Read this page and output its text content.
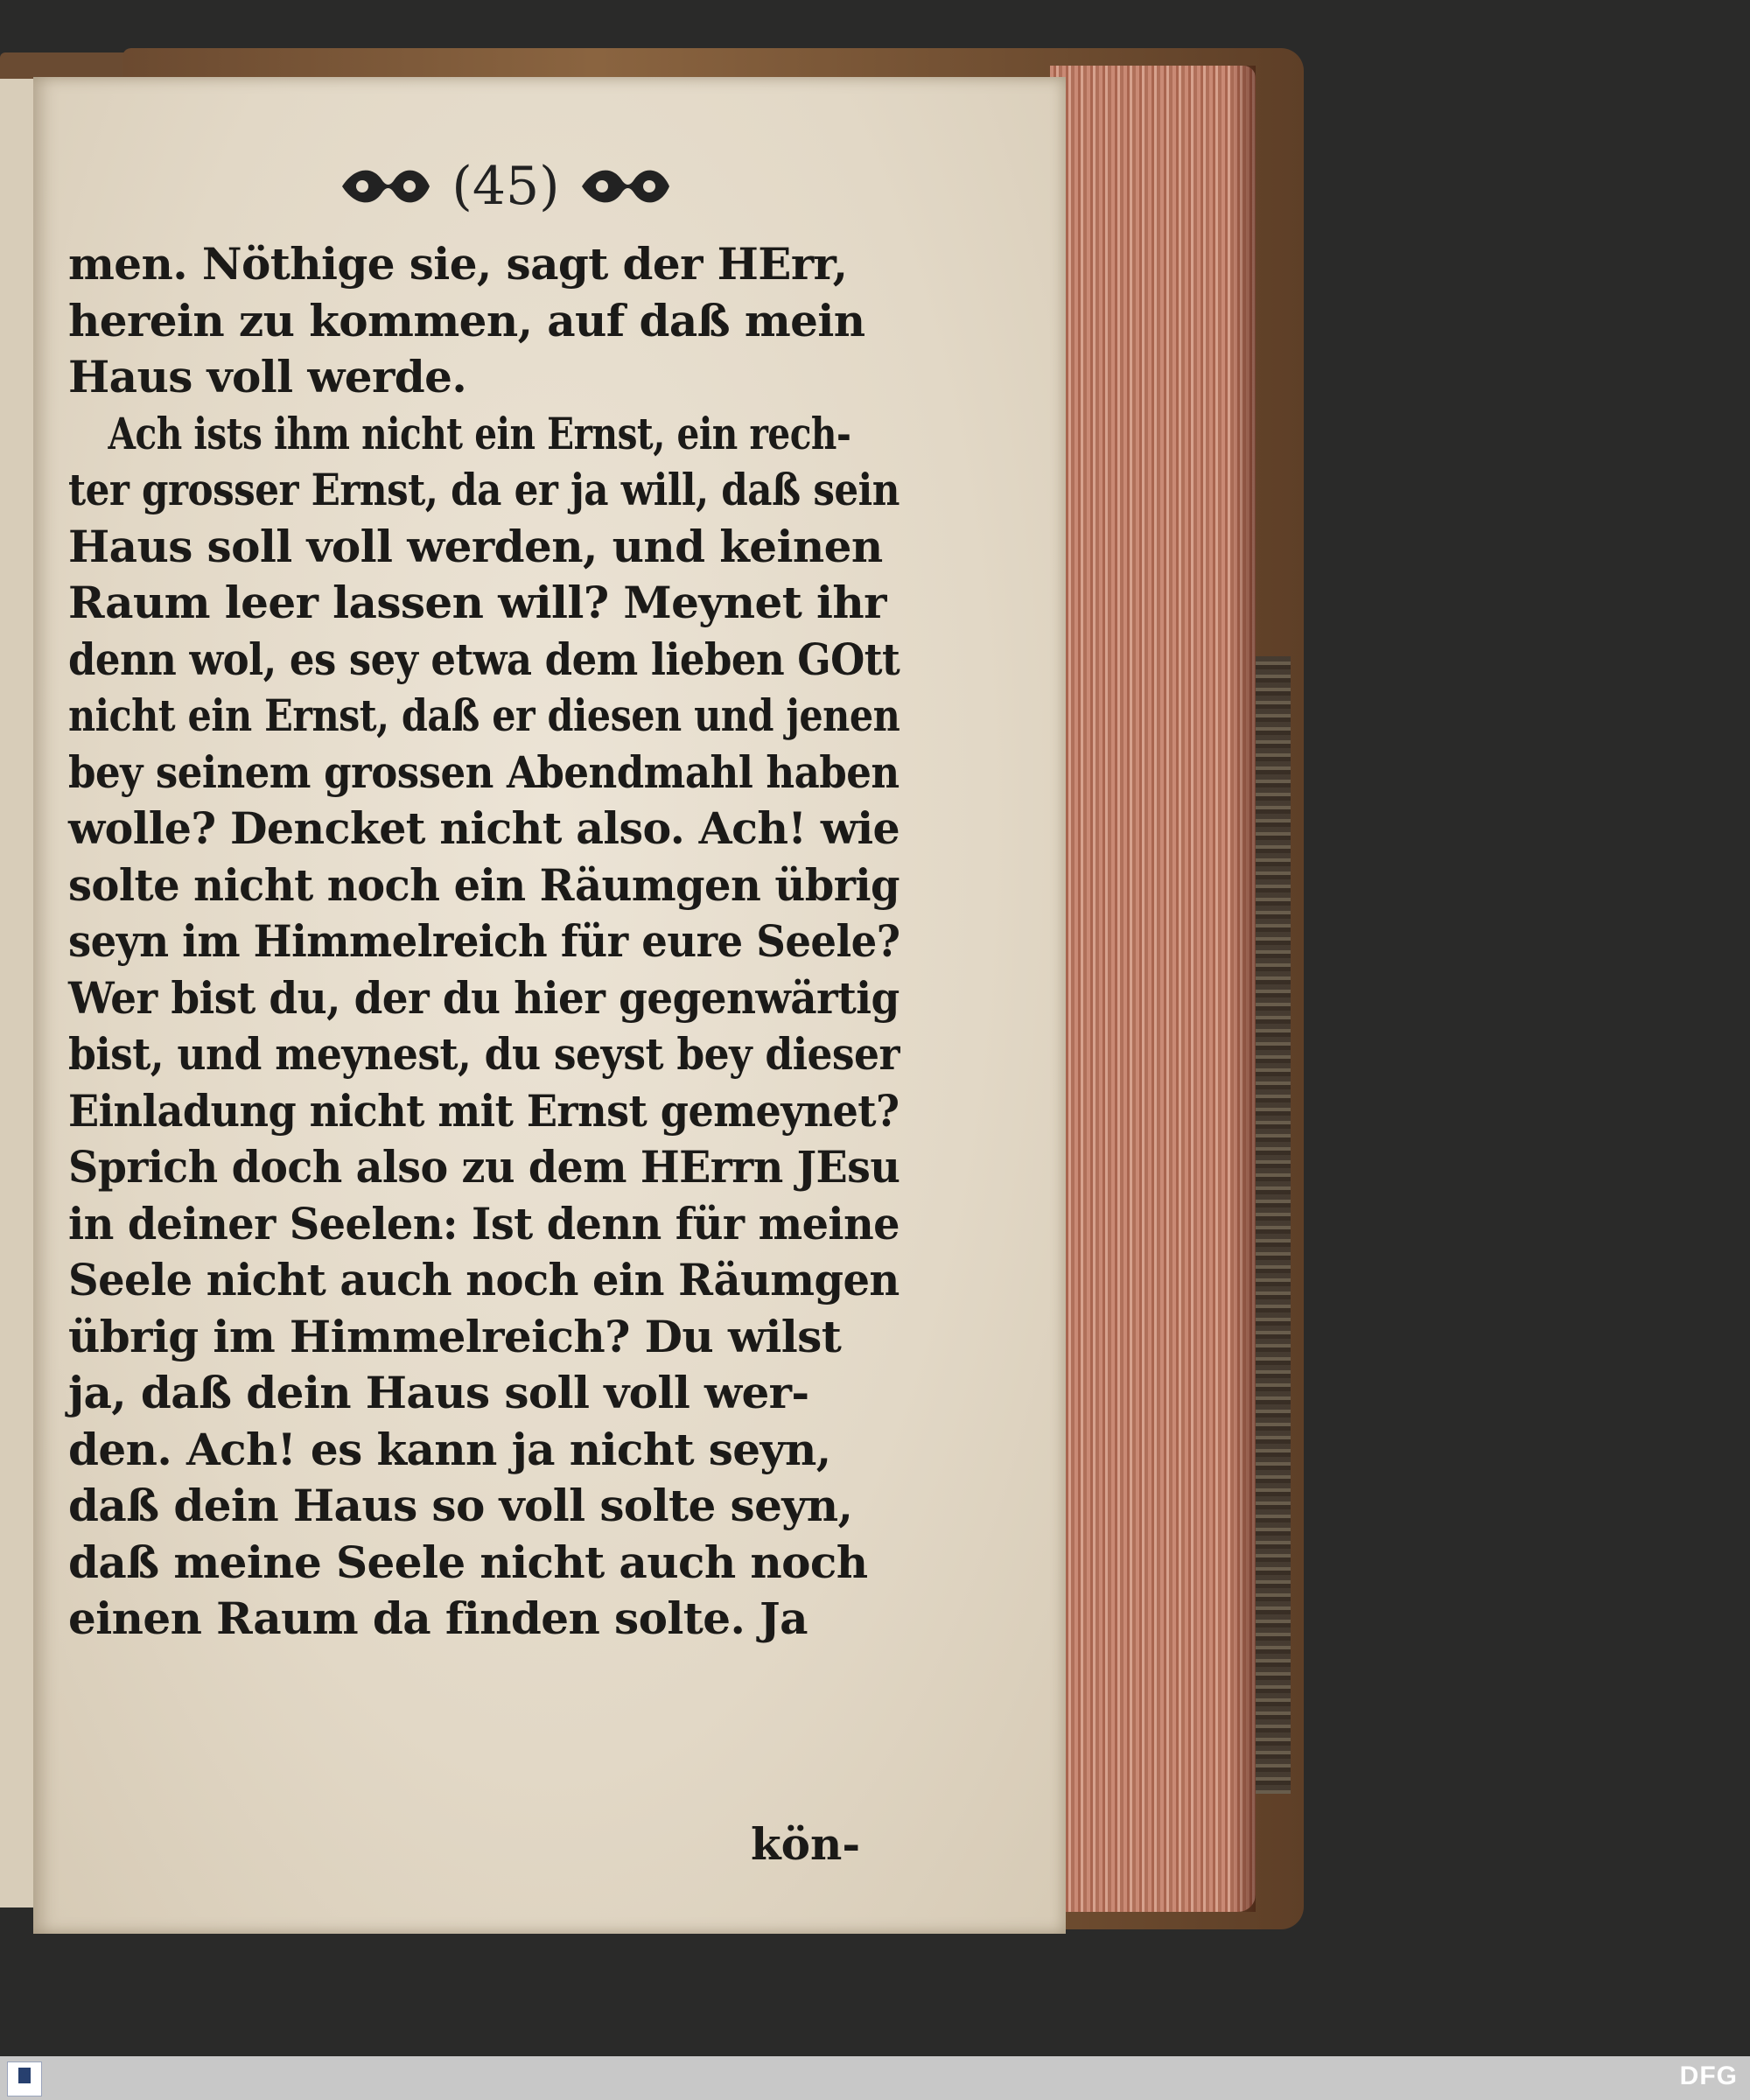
(45)
men. Nöthige sie, sagt der HErr,
herein zu kommen, auf daß mein
Haus voll werde.
Ach ists ihm nicht ein Ernst, ein rech-
ter grosser Ernst, da er ja will, daß sein
Haus soll voll werden, und keinen
Raum leer lassen will? Meynet ihr
denn wol, es sey etwa dem lieben GOtt
nicht ein Ernst, daß er diesen und jenen
bey seinem grossen Abendmahl haben
wolle? Dencket nicht also. Ach! wie
solte nicht noch ein Räumgen übrig
seyn im Himmelreich für eure Seele?
Wer bist du, der du hier gegenwärtig
bist, und meynest, du seyst bey dieser
Einladung nicht mit Ernst gemeynet?
Sprich doch also zu dem HErrn JEsu
in deiner Seelen: Ist denn für meine
Seele nicht auch noch ein Räumgen
übrig im Himmelreich? Du wilst
ja, daß dein Haus soll voll wer-
den. Ach! es kann ja nicht seyn,
daß dein Haus so voll solte seyn,
daß meine Seele nicht auch noch
einen Raum da finden solte. Ja
kön-
DFG
